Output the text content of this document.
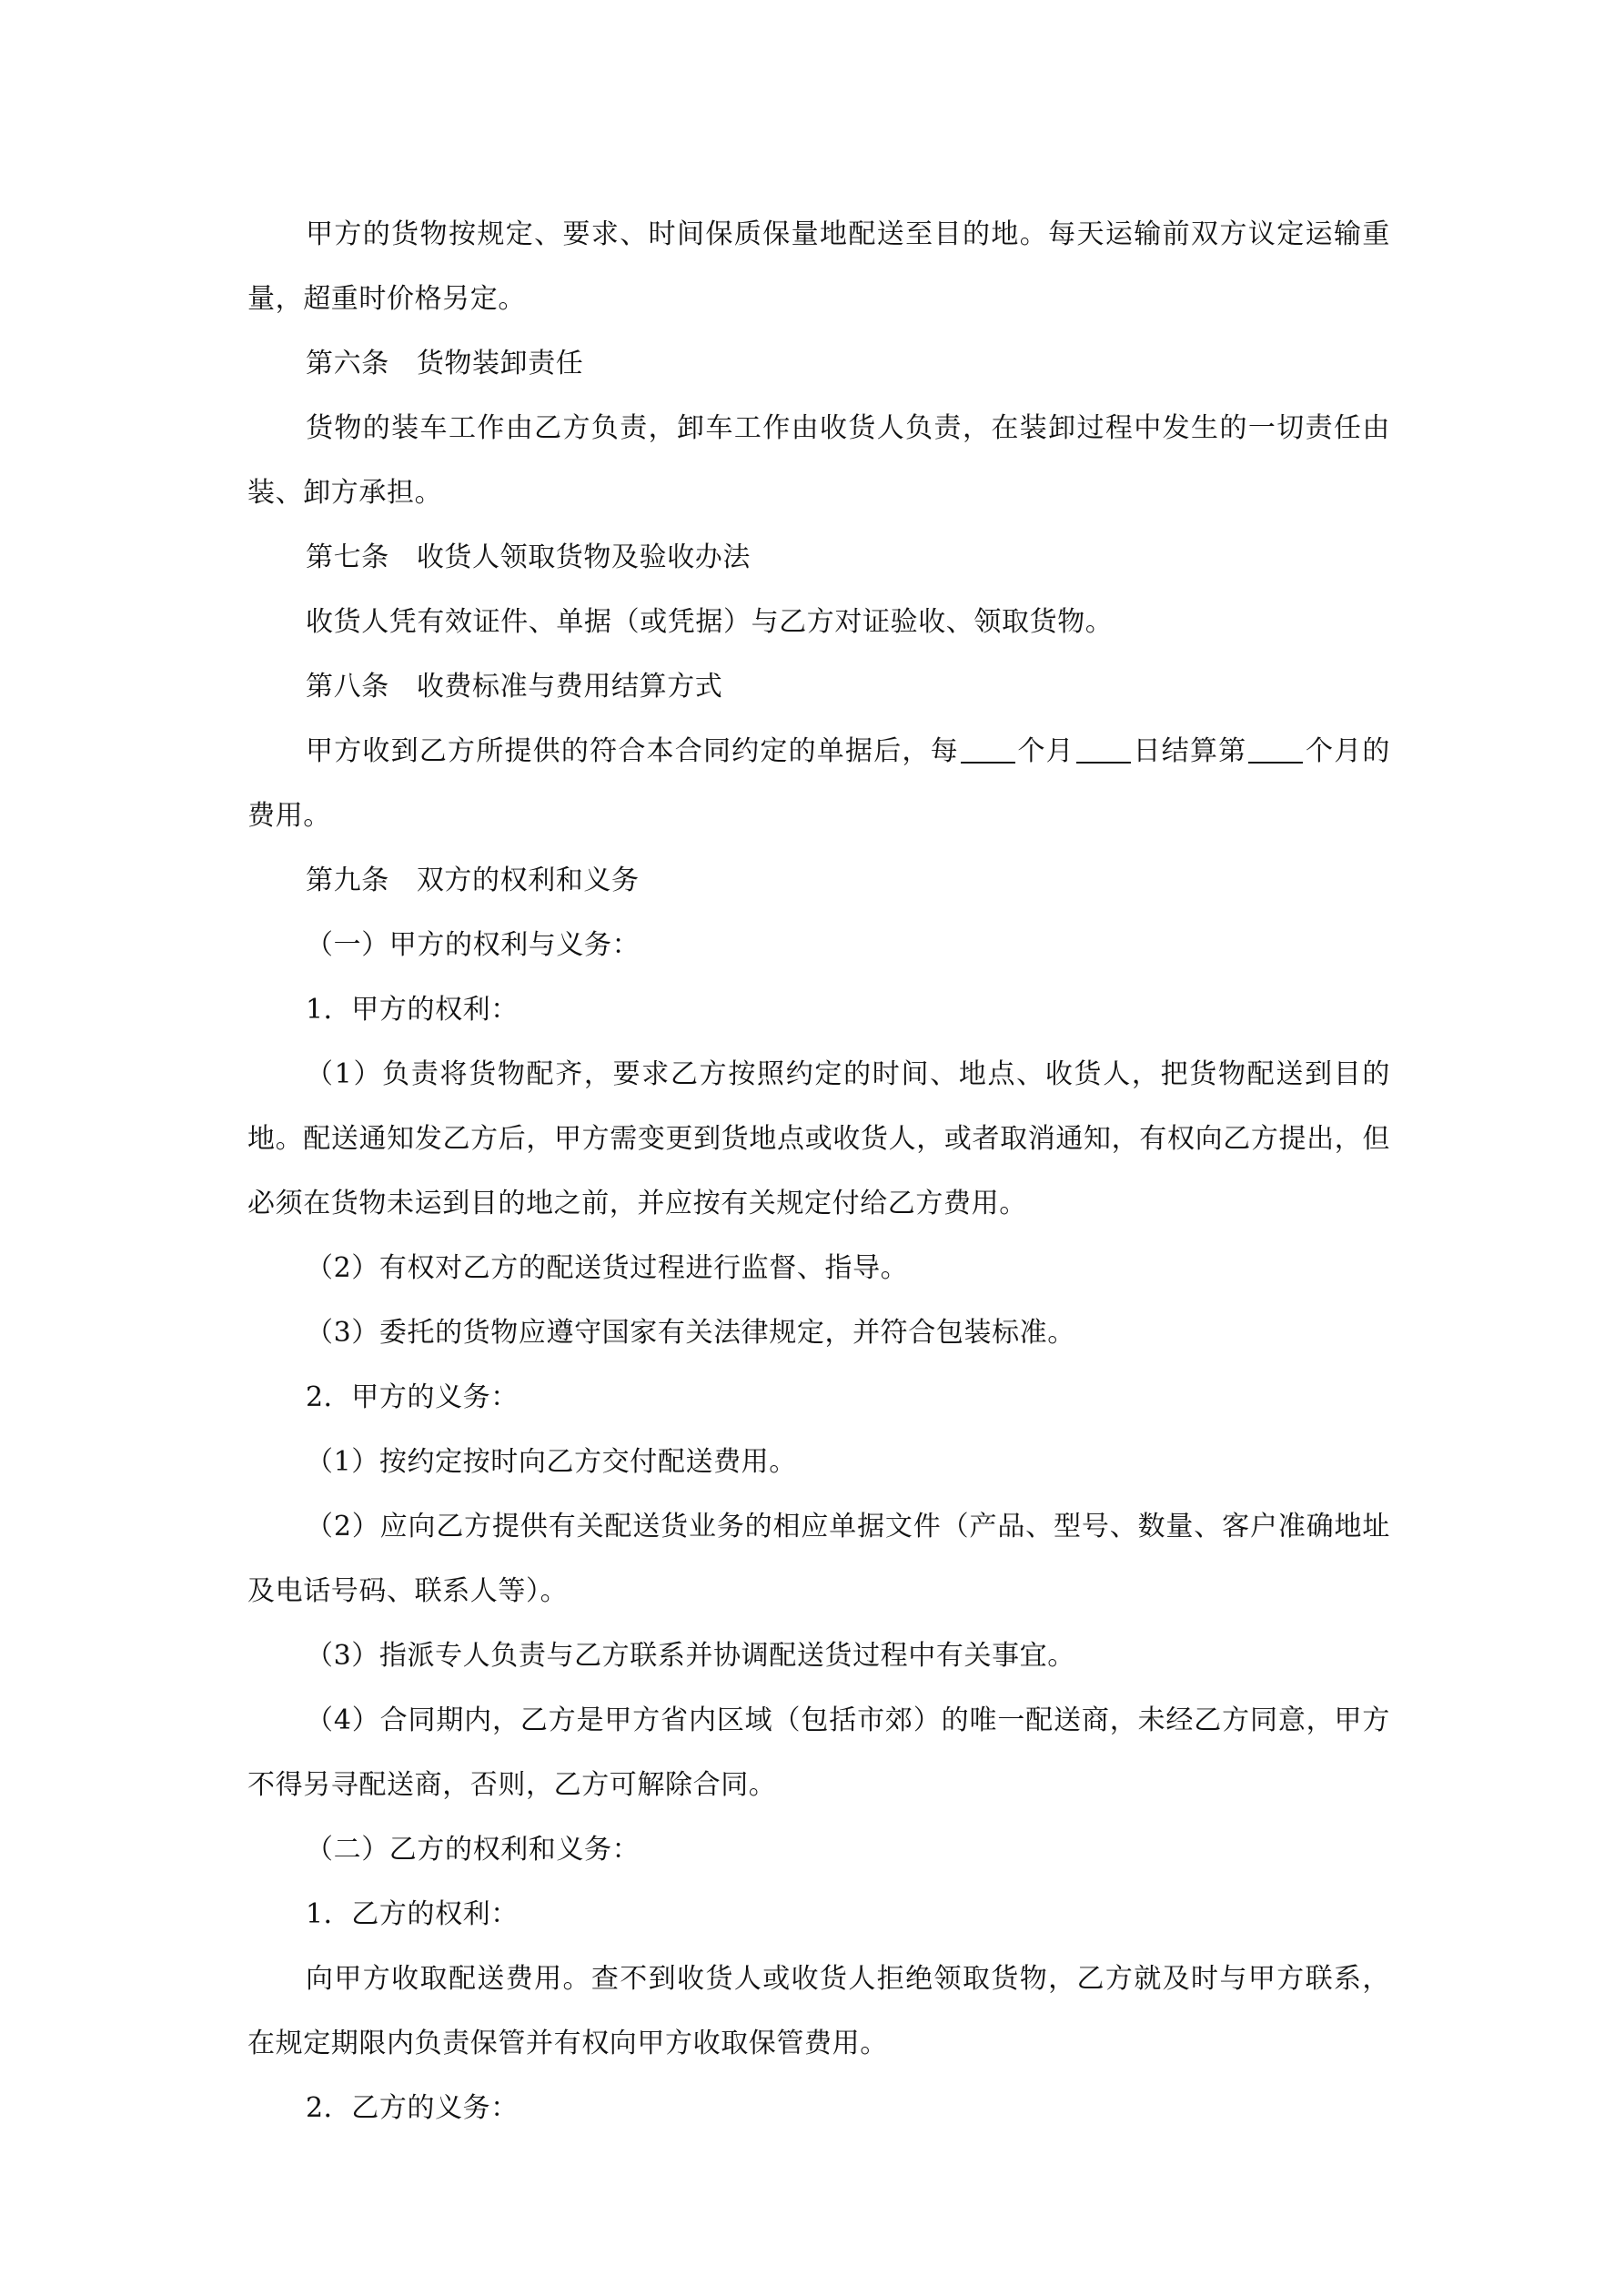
甲方的货物按规定、要求、时间保质保量地配送至目的地。每天运输前双方议定运输重量，超重时价格另定。

第六条 货物装卸责任

货物的装车工作由乙方负责，卸车工作由收货人负责，在装卸过程中发生的一切责任由装、卸方承担。

第七条 收货人领取货物及验收办法

收货人凭有效证件、单据（或凭据）与乙方对证验收、领取货物。

第八条 收费标准与费用结算方式

甲方收到乙方所提供的符合本合同约定的单据后，每 个月 日结算第 个月的费用。

第九条 双方的权利和义务

（一）甲方的权利与义务：

1．甲方的权利：

（1）负责将货物配齐，要求乙方按照约定的时间、地点、收货人，把货物配送到目的地。配送通知发乙方后，甲方需变更到货地点或收货人，或者取消通知，有权向乙方提出，但必须在货物未运到目的地之前，并应按有关规定付给乙方费用。

（2）有权对乙方的配送货过程进行监督、指导。

（3）委托的货物应遵守国家有关法律规定，并符合包装标准。

2．甲方的义务：

（1）按约定按时向乙方交付配送费用。

（2）应向乙方提供有关配送货业务的相应单据文件（产品、型号、数量、客户准确地址及电话号码、联系人等）。

（3）指派专人负责与乙方联系并协调配送货过程中有关事宜。

（4）合同期内，乙方是甲方省内区域（包括市郊）的唯一配送商，未经乙方同意，甲方不得另寻配送商，否则，乙方可解除合同。

（二）乙方的权利和义务：

1．乙方的权利：

向甲方收取配送费用。查不到收货人或收货人拒绝领取货物，乙方就及时与甲方联系，在规定期限内负责保管并有权向甲方收取保管费用。

2．乙方的义务：
